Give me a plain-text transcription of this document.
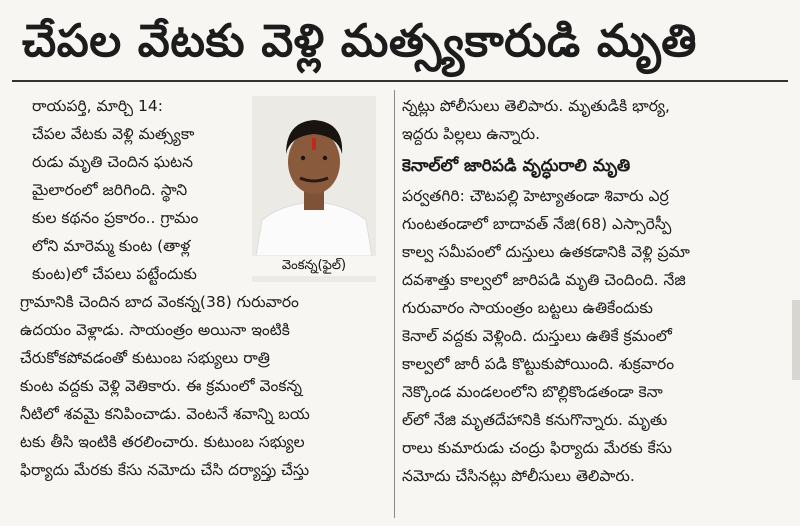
చేపల వేటకు వెళ్లి మత్స్యకారుడి మృతి

రాయపర్తి, మార్చి 14:

చేపల వేటకు వెళ్లి మత్స్యకా

రుడు మృతి చెందిన ఘటన

మైలారంలో జరిగింది. స్థాని

కుల కథనం ప్రకారం.. గ్రామం

లోని మారెమ్మ కుంట (తాళ్ల

కుంట)లో చేపలు పట్టేందుకు	వెంకన్న(ఫైల్)

గ్రామానికి చెందిన బాద వెంకన్న(38) గురువారం

ఉదయం వెళ్లాడు. సాయంత్రం అయినా ఇంటికి

చేరుకోకపోవడంతో కుటుంబ సభ్యులు రాత్రి

కుంట వద్దకు వెళ్లి వెతికారు. ఈ క్రమంలో వెంకన్న

నీటిలో శవమై కనిపించాడు. వెంటనే శవాన్ని బయ

టకు తీసి ఇంటికి తరలించారు. కుటుంబ సభ్యుల

ఫిర్యాదు మేరకు కేసు నమోదు చేసి దర్యాప్తు చేస్తు

న్నట్లు పోలీసులు తెలిపారు. మృతుడికి భార్య,

ఇద్దరు పిల్లలు ఉన్నారు.

కెనాల్‌లో జారిపడి వృద్ధురాలి మృతి

పర్వతగిరి: చౌటపల్లి హెట్యాతండా శివారు ఎర్ర

గుంటతండాలో బాదావత్ నేజి(68) ఎస్సారెస్పీ

కాల్వ సమీపంలో దుస్తులు ఉతకడానికి వెళ్లి ప్రమా

దవశాత్తు కాల్వలో జారిపడి మృతి చెందింది. నేజి

గురువారం సాయంత్రం బట్టలు ఉతికేందుకు

కెనాల్ వద్దకు వెళ్లింది. దుస్తులు ఉతికే క్రమంలో

కాల్వలో జారీ పడి కొట్టుకుపోయింది. శుక్రవారం

నెక్కొండ మండలంలోని బొల్లికొండతండా కెనా

ల్‌లో నేజి మృతదేహానికి కనుగొన్నారు. మృతు

రాలు కుమారుడు చంద్రు ఫిర్యాదు మేరకు కేసు

నమోదు చేసినట్లు పోలీసులు తెలిపారు.
